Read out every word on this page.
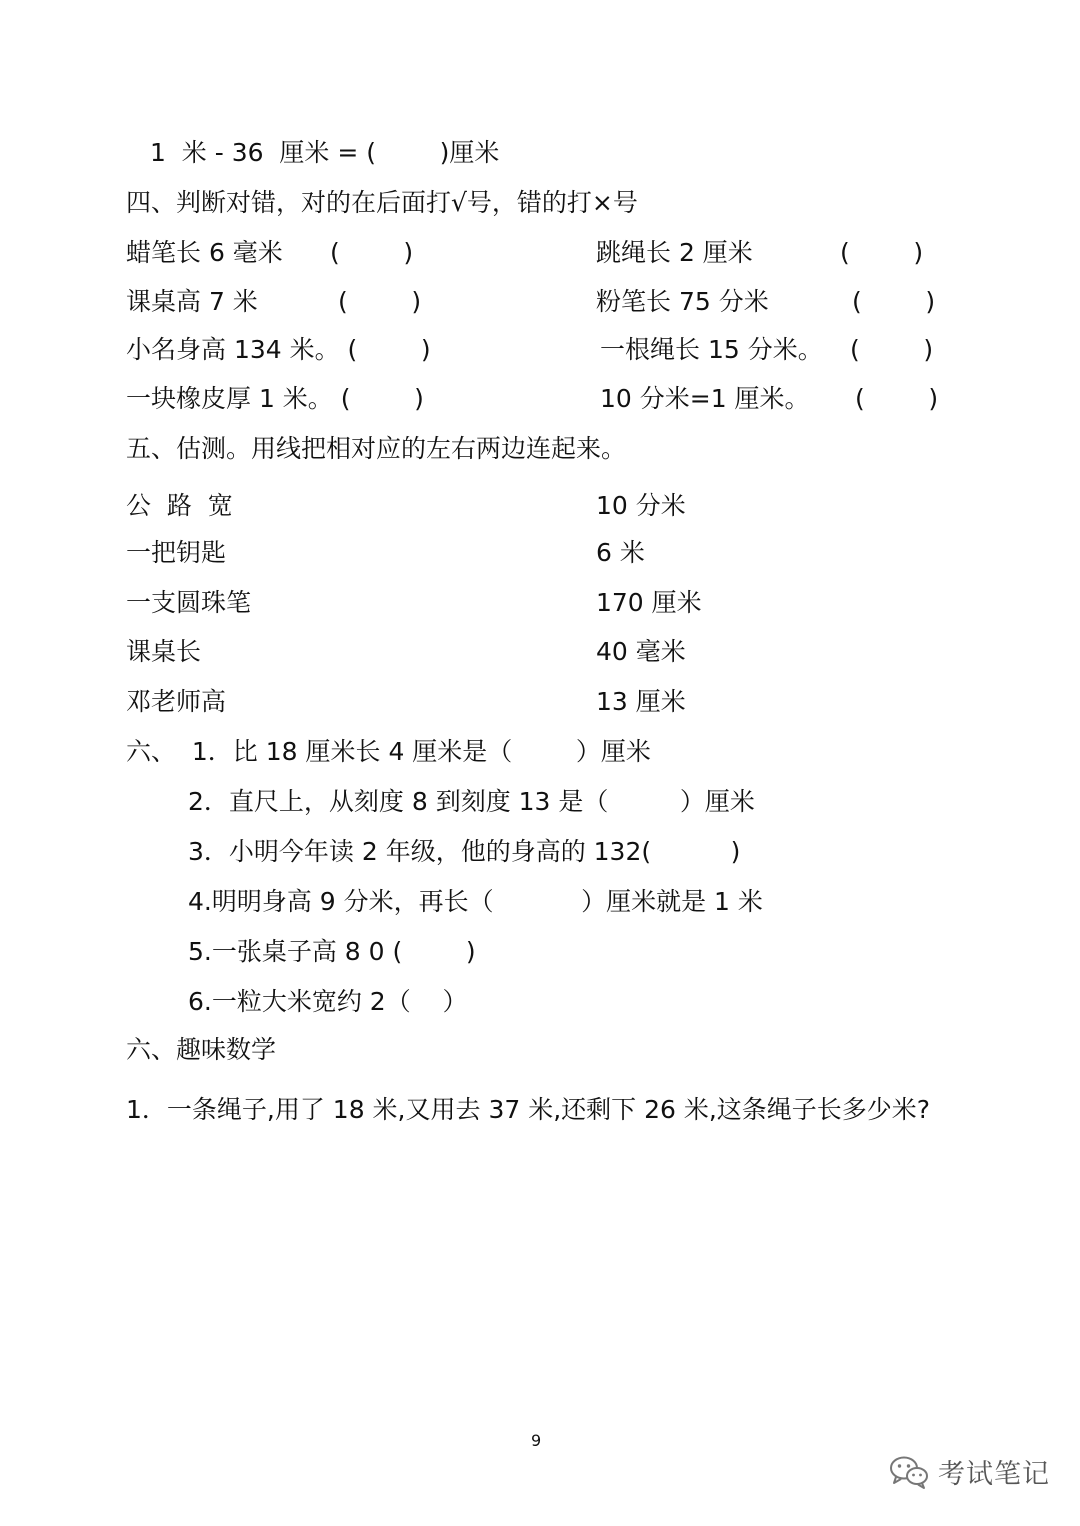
1  米 - 36  厘米 = (        )厘米
四、判断对错，对的在后面打√号，错的打×号
蜡笔长 6 毫米 (        )	跳绳长 2 厘米	(        )
课桌高 7 米	(        )	粉笔长 75 分米	(        )
小名身高 134 米。 (        )	一根绳长 15 分米。 (        )
一块橡皮厚 1 米。 (        )	10 分米=1 厘米。 (        )
五、估测。用线把相对应的左右两边连起来。
公  路  宽	10 分米
一把钥匙	6 米
一支圆珠笔	170 厘米
课桌长	40 毫米
邓老师高	13 厘米
六、  1．比 18 厘米长 4 厘米是（        ）厘米
2．直尺上，从刻度 8 到刻度 13 是（         ）厘米
3．小明今年读 2 年级，他的身高的 132(          )
4.明明身高 9 分米，再长（           ）厘米就是 1 米
5.一张桌子高 8 0 (        )
6.一粒大米宽约 2（    ）
六、趣味数学
1．一条绳子,用了 18 米,又用去 37 米,还剩下 26 米,这条绳子长多少米?
9
考试笔记
